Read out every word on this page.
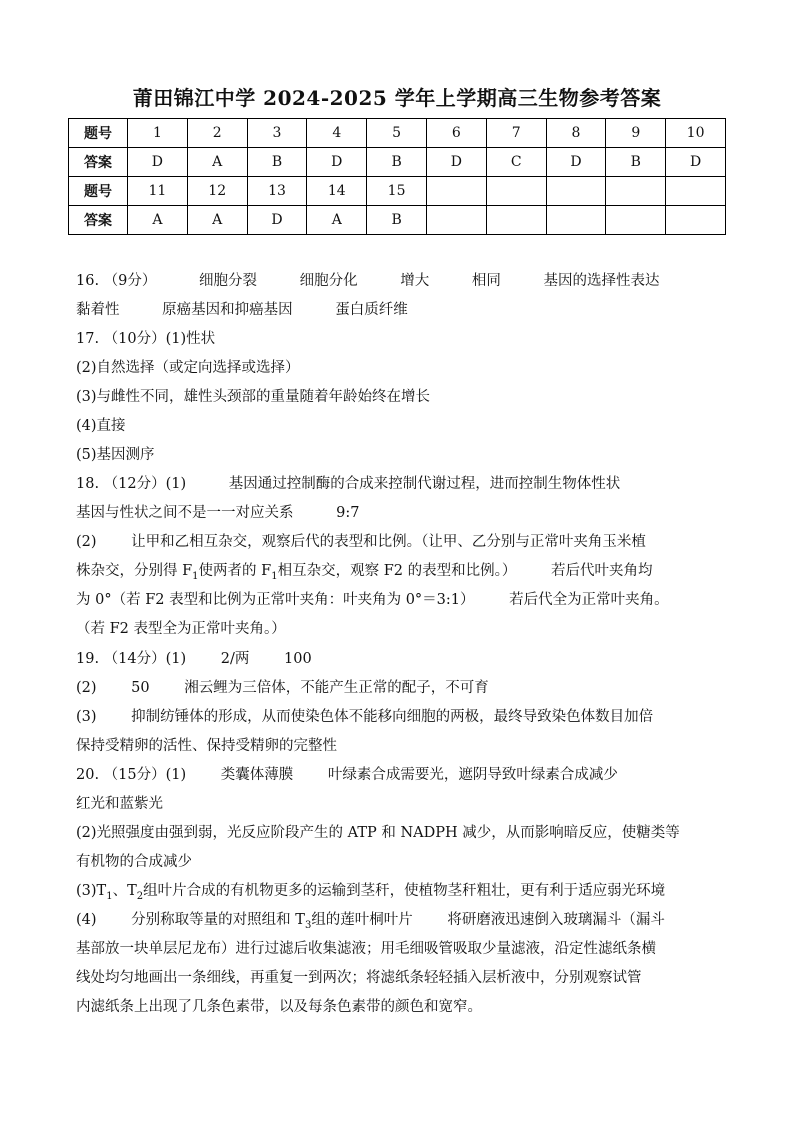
莆田锦江中学 2024-2025 学年上学期高三生物参考答案
题号	1	2	3	4	5	6	7	8	9	10
答案	D	A	B	D	B	D	C	D	B	D
题号	11	12	13	14	15					
答案	A	A	D	A	B					
16. （9分）	细胞分裂	细胞分化	增大	相同	基因的选择性表达
黏着性	原癌基因和抑癌基因	蛋白质纤维
17. （10分）(1)性状
(2)自然选择（或定向选择或选择）
(3)与雌性不同，雄性头颈部的重量随着年龄始终在增长
(4)直接
(5)基因测序
18. （12分）(1)	基因通过控制酶的合成来控制代谢过程，进而控制生物体性状
基因与性状之间不是一一对应关系	9:7
(2) 让甲和乙相互杂交，观察后代的表型和比例。（让甲、乙分别与正常叶夹角玉米植
株杂交，分别得 $F_1$使两者的 $F_1$相互杂交，观察 F2 的表型和比例。） 若后代叶夹角均
为 0°（若 F2 表型和比例为正常叶夹角：叶夹角为 0°＝3:1） 若后代全为正常叶夹角。
（若 F2 表型全为正常叶夹角。）
19. （14分）(1) 2/两 100
(2) 50 湘云鲤为三倍体，不能产生正常的配子，不可育
(3) 抑制纺锤体的形成，从而使染色体不能移向细胞的两极，最终导致染色体数目加倍
保持受精卵的活性、保持受精卵的完整性
20. （15分）(1) 类囊体薄膜 叶绿素合成需要光，遮阴导致叶绿素合成减少
红光和蓝紫光
(2)光照强度由强到弱，光反应阶段产生的 ATP 和 NADPH 减少，从而影响暗反应，使糖类等
有机物的合成减少
$(3)T_1$、$T_2$组叶片合成的有机物更多的运输到茎秆，使植物茎秆粗壮，更有利于适应弱光环境
(4) 分别称取等量的对照组和 $T_3$组的莲叶桐叶片 将研磨液迅速倒入玻璃漏斗（漏斗
基部放一块单层尼龙布）进行过滤后收集滤液；用毛细吸管吸取少量滤液，沿定性滤纸条横
线处均匀地画出一条细线，再重复一到两次；将滤纸条轻轻插入层析液中，分别观察试管
内滤纸条上出现了几条色素带，以及每条色素带的颜色和宽窄。
